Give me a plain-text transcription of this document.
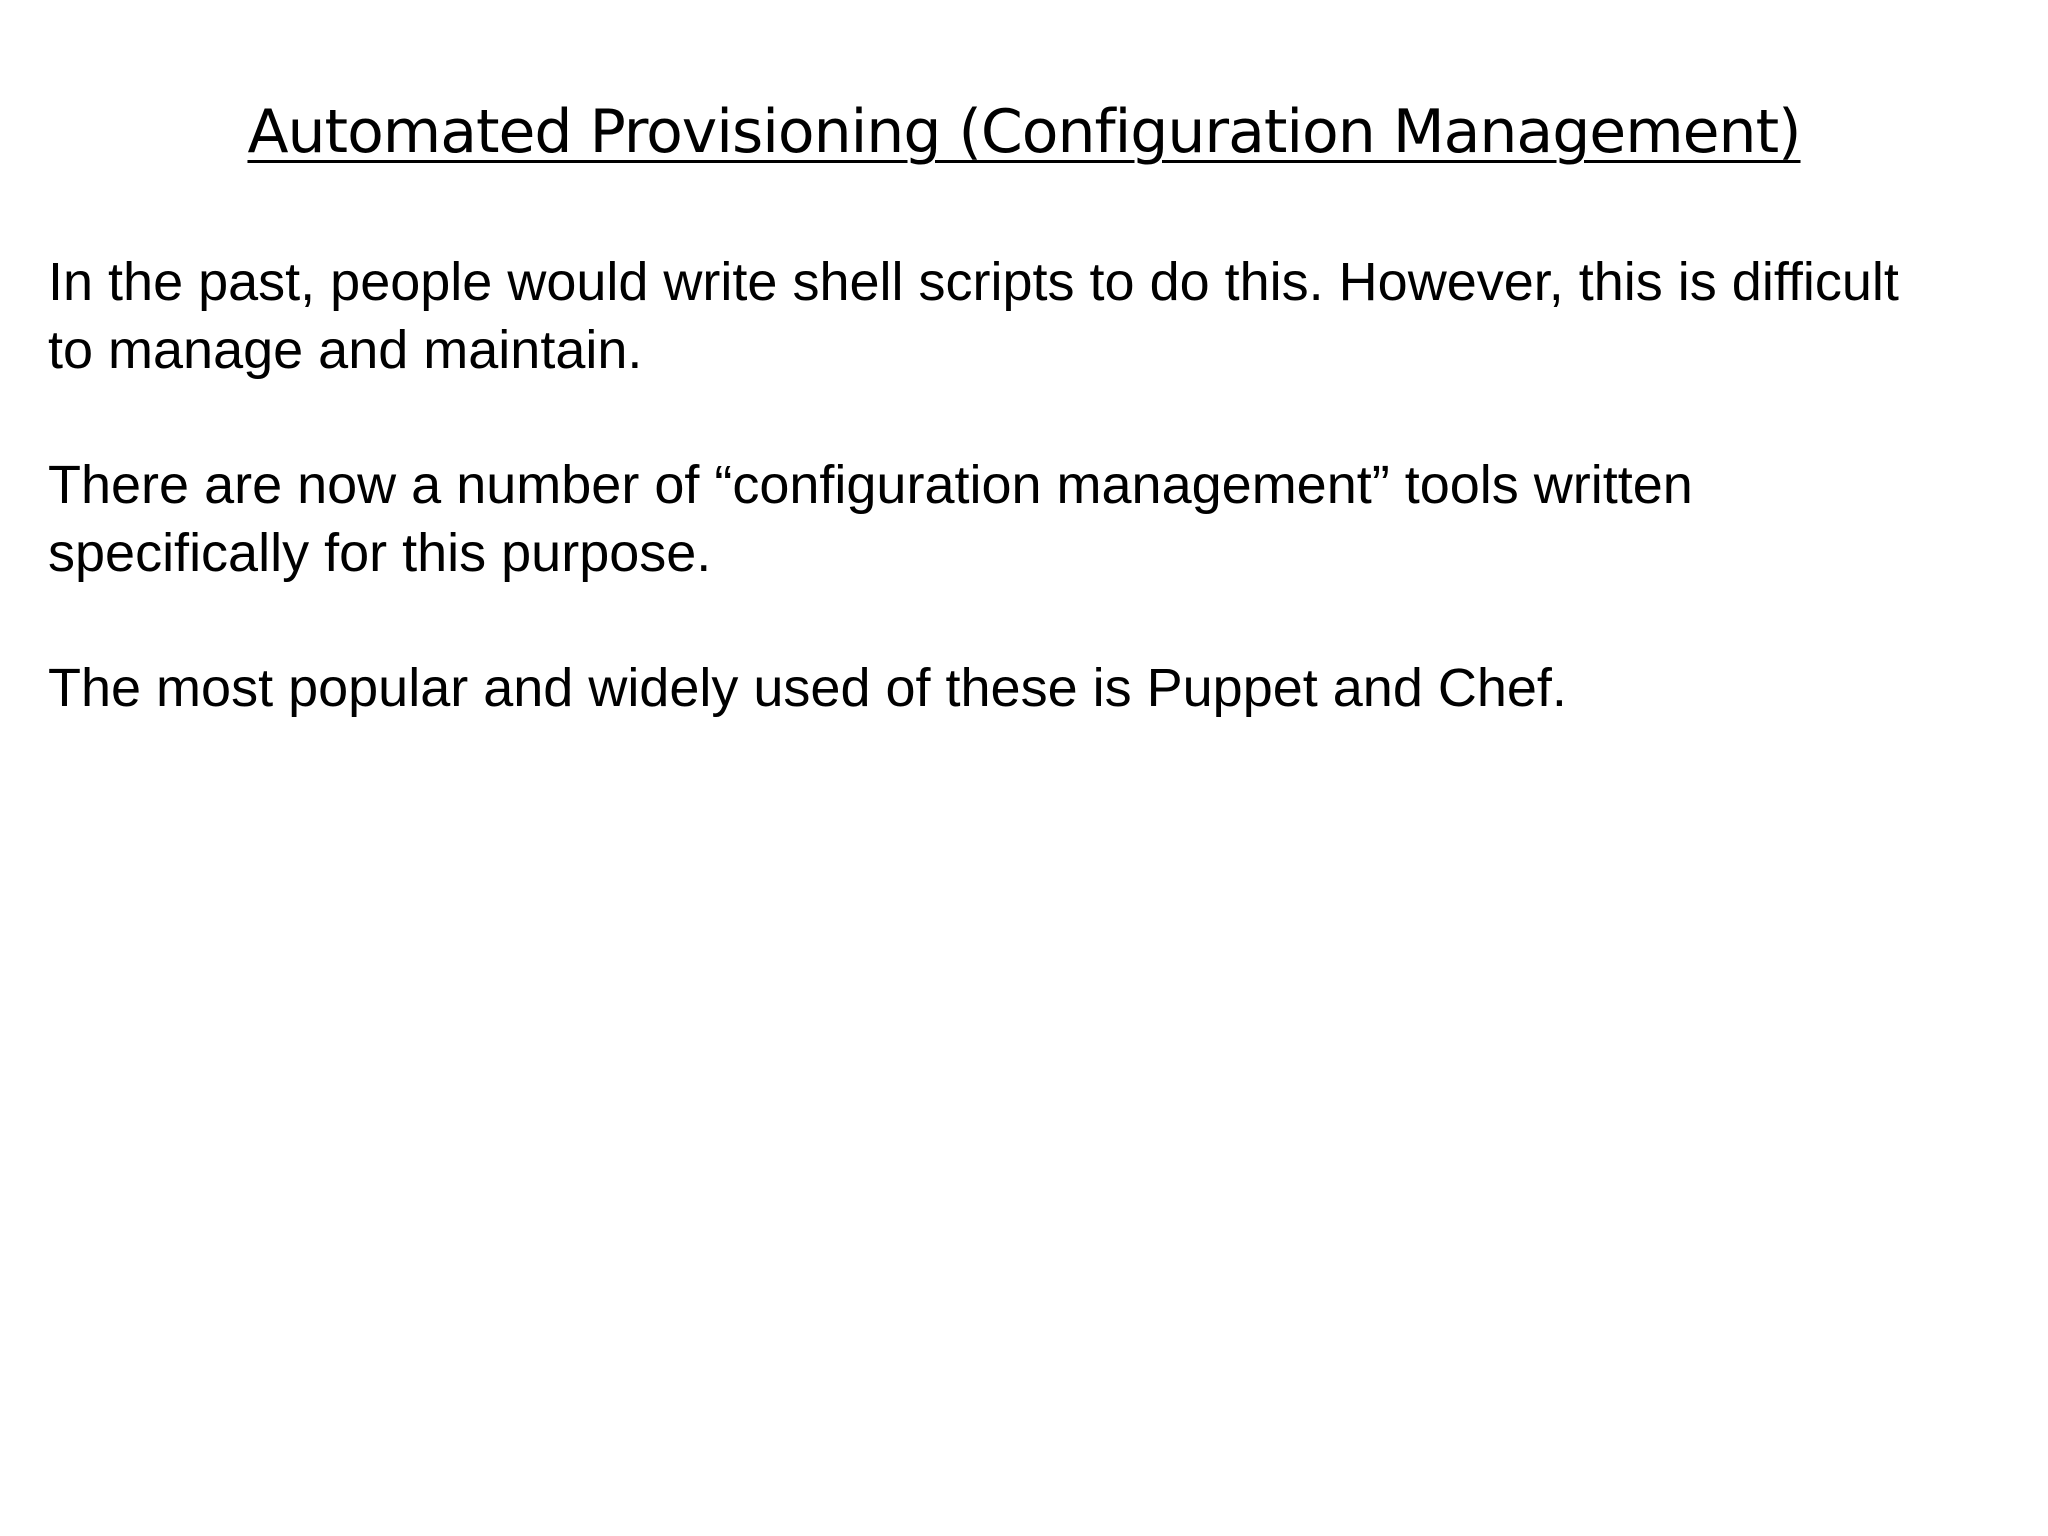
Automated Provisioning (Configuration Management)

In the past, people would write shell scripts to do this. However, this is difficult
to manage and maintain.

There are now a number of “configuration management” tools written
specifically for this purpose.

The most popular and widely used of these is Puppet and Chef.
